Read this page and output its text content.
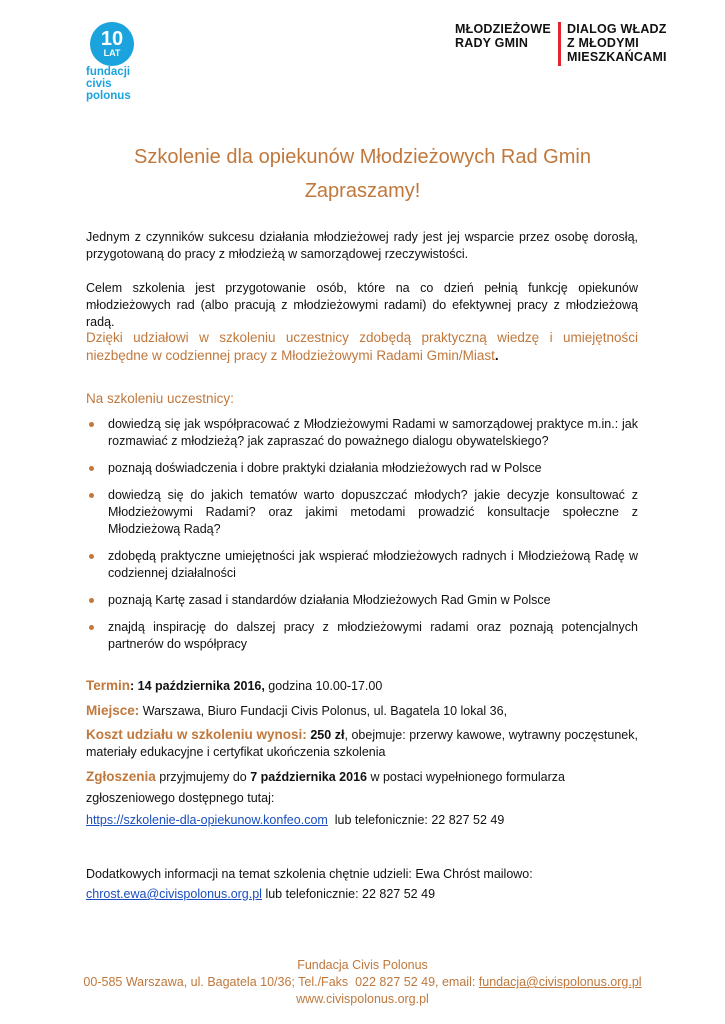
10
LAT
fundacji
civis
polonus
MŁODZIEŻOWE
RADY GMIN
DIALOG WŁADZ
Z MŁODYMI
MIESZKAŃCAMI
Szkolenie dla opiekunów Młodzieżowych Rad Gmin
Zapraszamy!
Jednym z czynników sukcesu działania młodzieżowej rady jest jej wsparcie przez osobę dorosłą, przygotowaną do pracy z młodzieżą w samorządowej rzeczywistości.
Celem szkolenia jest przygotowanie osób, które na co dzień pełnią funkcję opiekunów młodzieżowych rad (albo pracują z młodzieżowymi radami) do efektywnej pracy z młodzieżową radą.
Dzięki udziałowi w szkoleniu uczestnicy zdobędą praktyczną wiedzę i umiejętności niezbędne w codziennej pracy z Młodzieżowymi Radami Gmin/Miast.
Na szkoleniu uczestnicy:
dowiedzą się jak współpracować z Młodzieżowymi Radami w samorządowej praktyce m.in.: jak rozmawiać z młodzieżą? jak zapraszać do poważnego dialogu obywatelskiego?
poznają doświadczenia i dobre praktyki działania młodzieżowych rad w Polsce
dowiedzą się do jakich tematów warto dopuszczać młodych? jakie decyzje konsultować z Młodzieżowymi Radami? oraz jakimi metodami prowadzić konsultacje społeczne z Młodzieżową Radą?
zdobędą praktyczne umiejętności jak wspierać młodzieżowych radnych i Młodzieżową Radę w codziennej działalności
poznają Kartę zasad i standardów działania Młodzieżowych Rad Gmin w Polsce
znajdą inspirację do dalszej pracy z młodzieżowymi radami oraz poznają potencjalnych partnerów do współpracy
Termin: 14 października 2016, godzina 10.00-17.00
Miejsce: Warszawa, Biuro Fundacji Civis Polonus, ul. Bagatela 10 lokal 36,
Koszt udziału w szkoleniu wynosi: 250 zł, obejmuje: przerwy kawowe, wytrawny poczęstunek, materiały edukacyjne i certyfikat ukończenia szkolenia
Zgłoszenia przyjmujemy do 7 października 2016 w postaci wypełnionego formularza zgłoszeniowego dostępnego tutaj:
https://szkolenie-dla-opiekunow.konfeo.com  lub telefonicznie: 22 827 52 49
Dodatkowych informacji na temat szkolenia chętnie udzieli: Ewa Chróst mailowo: chrost.ewa@civispolonus.org.pl lub telefonicznie: 22 827 52 49
Fundacja Civis Polonus
00-585 Warszawa, ul. Bagatela 10/36; Tel./Faks  022 827 52 49, email: fundacja@civispolonus.org.pl
www.civispolonus.org.pl
